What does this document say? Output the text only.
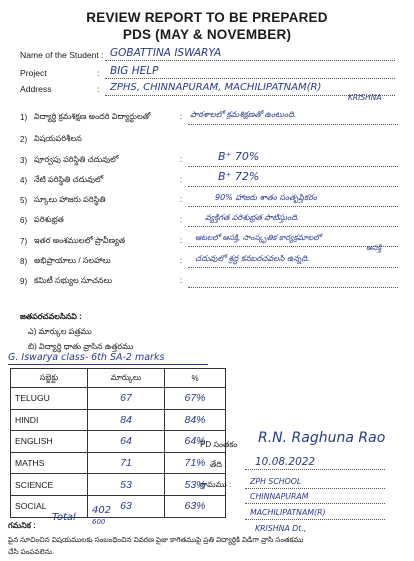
REVIEW REPORT TO BE PREPARED
PDS (MAY & NOVEMBER)
Name of the Student : GOBATTINA ISWARYA
Project	: BIG HELP
Address	: ZPHS, CHINNAPURAM, MACHILIPATNAM(R)
KRISHNA
1) విద్యార్థి క్రమశిక్షణ అందరి విద్యార్థులతో	: పాఠశాలలో క్రమశిక్షణతో ఉంటుంది.
2) విషయపరిశీలన
3) పూర్వపు పరిస్థితి చదువులో	:	B⁺ 70%
4) నేటి పరిస్థితి చదువులో	:	B⁺ 72%
5) స్కూలు హాజరు పరిస్థితి	:	90% హాజరు శాతం సంతృప్తికరం
6) పరిశుభ్రత	:	వ్యక్తిగత పరిశుభ్రత పాటిస్తుంది.
7) ఇతర అంశములలో ప్రావీణ్యత	: ఆటలలో ఆసక్తి, సాంస్కృతిక కార్యక్రమాలలో
ఆసక్తి
8) అభిప్రాయాలు / సలహాలు	: చదువులో శ్రద్ధ కనబరచవలసి ఉన్నది.
9) కమిటీ సభ్యుల సూచనలు	:
జతపరచవలసినవి :
ఎ) మార్కుల పత్రము
బి) విద్యార్థి ధాతు వ్రాసిన ఉత్తరము
G. Iswarya class- 6th SA-2 marks
సబ్జెక్టు	మార్కులు	%
TELUGU	67	67%
HINDI	84	84%
ENGLISH	64	64%
MATHS	71	71%
SCIENCE	53	53%
SOCIAL	63	63%
Total
402
600
PD సంతకం R.N. Raghuna Rao
తేది :	10.08.2022
గ్రామము : ZPH SCHOOL
CHINNAPURAM
MACHILIPATNAM(R)
KRISHNA Dt.,
గమనిక :
పైన సూచించిన విషయములకు సంబంధించిన వివరణ పైజు కాగితముపై ప్రతి విద్యార్థికి విడిగా వ్రాసి సంతకము
చేసి పంపవలెను.
